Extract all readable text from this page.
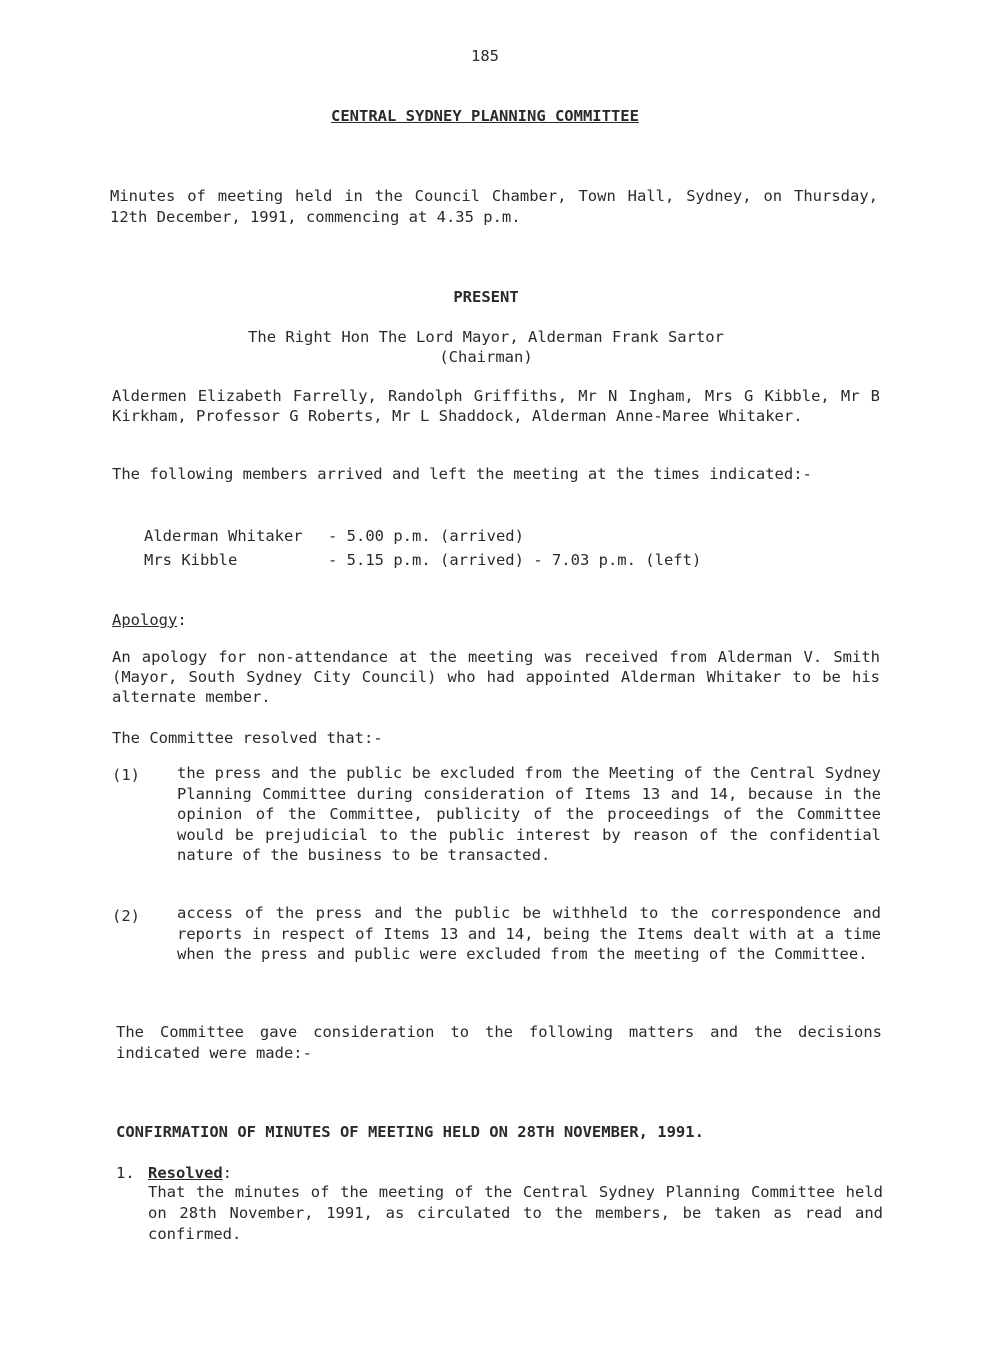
185
CENTRAL SYDNEY PLANNING COMMITTEE
Minutes of meeting held in the Council Chamber, Town Hall, Sydney, on Thursday, 12th December, 1991, commencing at 4.35 p.m.
PRESENT
The Right Hon The Lord Mayor, Alderman Frank Sartor
(Chairman)
Aldermen Elizabeth Farrelly, Randolph Griffiths, Mr N Ingham, Mrs G Kibble, Mr B Kirkham, Professor G Roberts, Mr L Shaddock, Alderman Anne-Maree Whitaker.
The following members arrived and left the meeting at the times indicated:-
Alderman Whitaker - 5.00 p.m. (arrived)
Mrs Kibble	- 5.15 p.m. (arrived) - 7.03 p.m. (left)
Apology:
An apology for non-attendance at the meeting was received from Alderman V. Smith (Mayor, South Sydney City Council) who had appointed Alderman Whitaker to be his alternate member.
The Committee resolved that:-
(1) the press and the public be excluded from the Meeting of the Central Sydney Planning Committee during consideration of Items 13 and 14, because in the opinion of the Committee, publicity of the proceedings of the Committee would be prejudicial to the public interest by reason of the confidential nature of the business to be transacted.
(2) access of the press and the public be withheld to the correspondence and reports in respect of Items 13 and 14, being the Items dealt with at a time when the press and public were excluded from the meeting of the Committee.
The Committee gave consideration to the following matters and the decisions indicated were made:-
CONFIRMATION OF MINUTES OF MEETING HELD ON 28TH NOVEMBER, 1991.
1. Resolved:
That the minutes of the meeting of the Central Sydney Planning Committee held on 28th November, 1991, as circulated to the members, be taken as read and confirmed.
